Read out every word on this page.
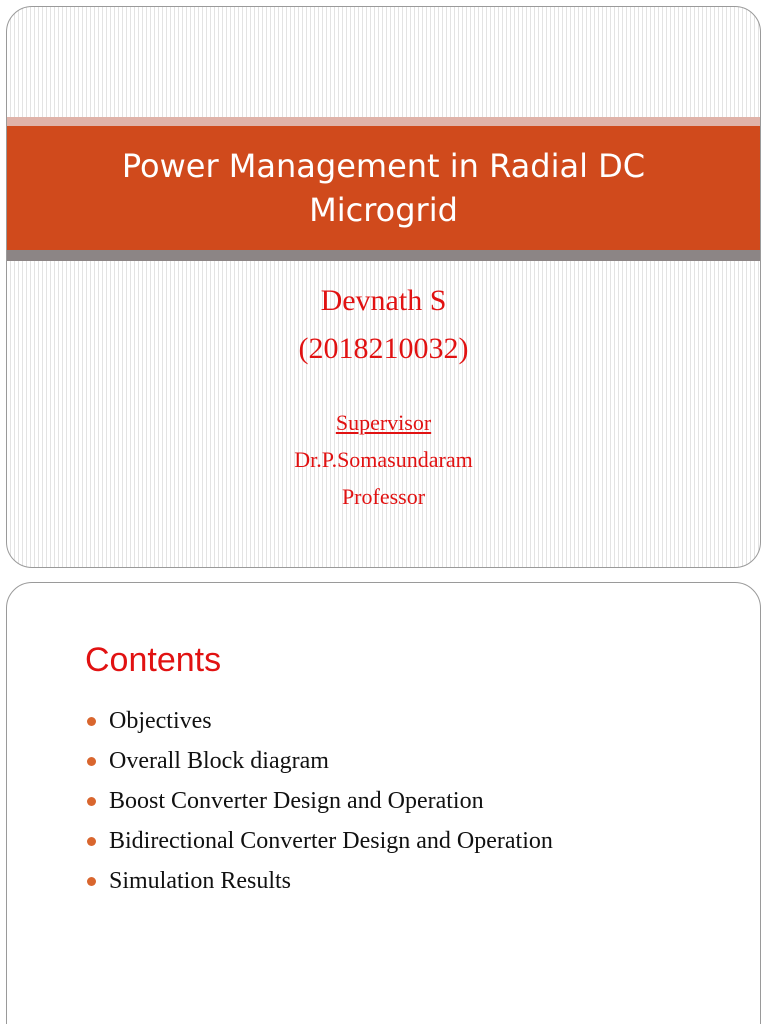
Power Management in Radial DC Microgrid
Devnath S
(2018210032)
Supervisor
Dr.P.Somasundaram
Professor
Contents
Objectives
Overall Block diagram
Boost Converter Design and Operation
Bidirectional Converter Design and Operation
Simulation Results
